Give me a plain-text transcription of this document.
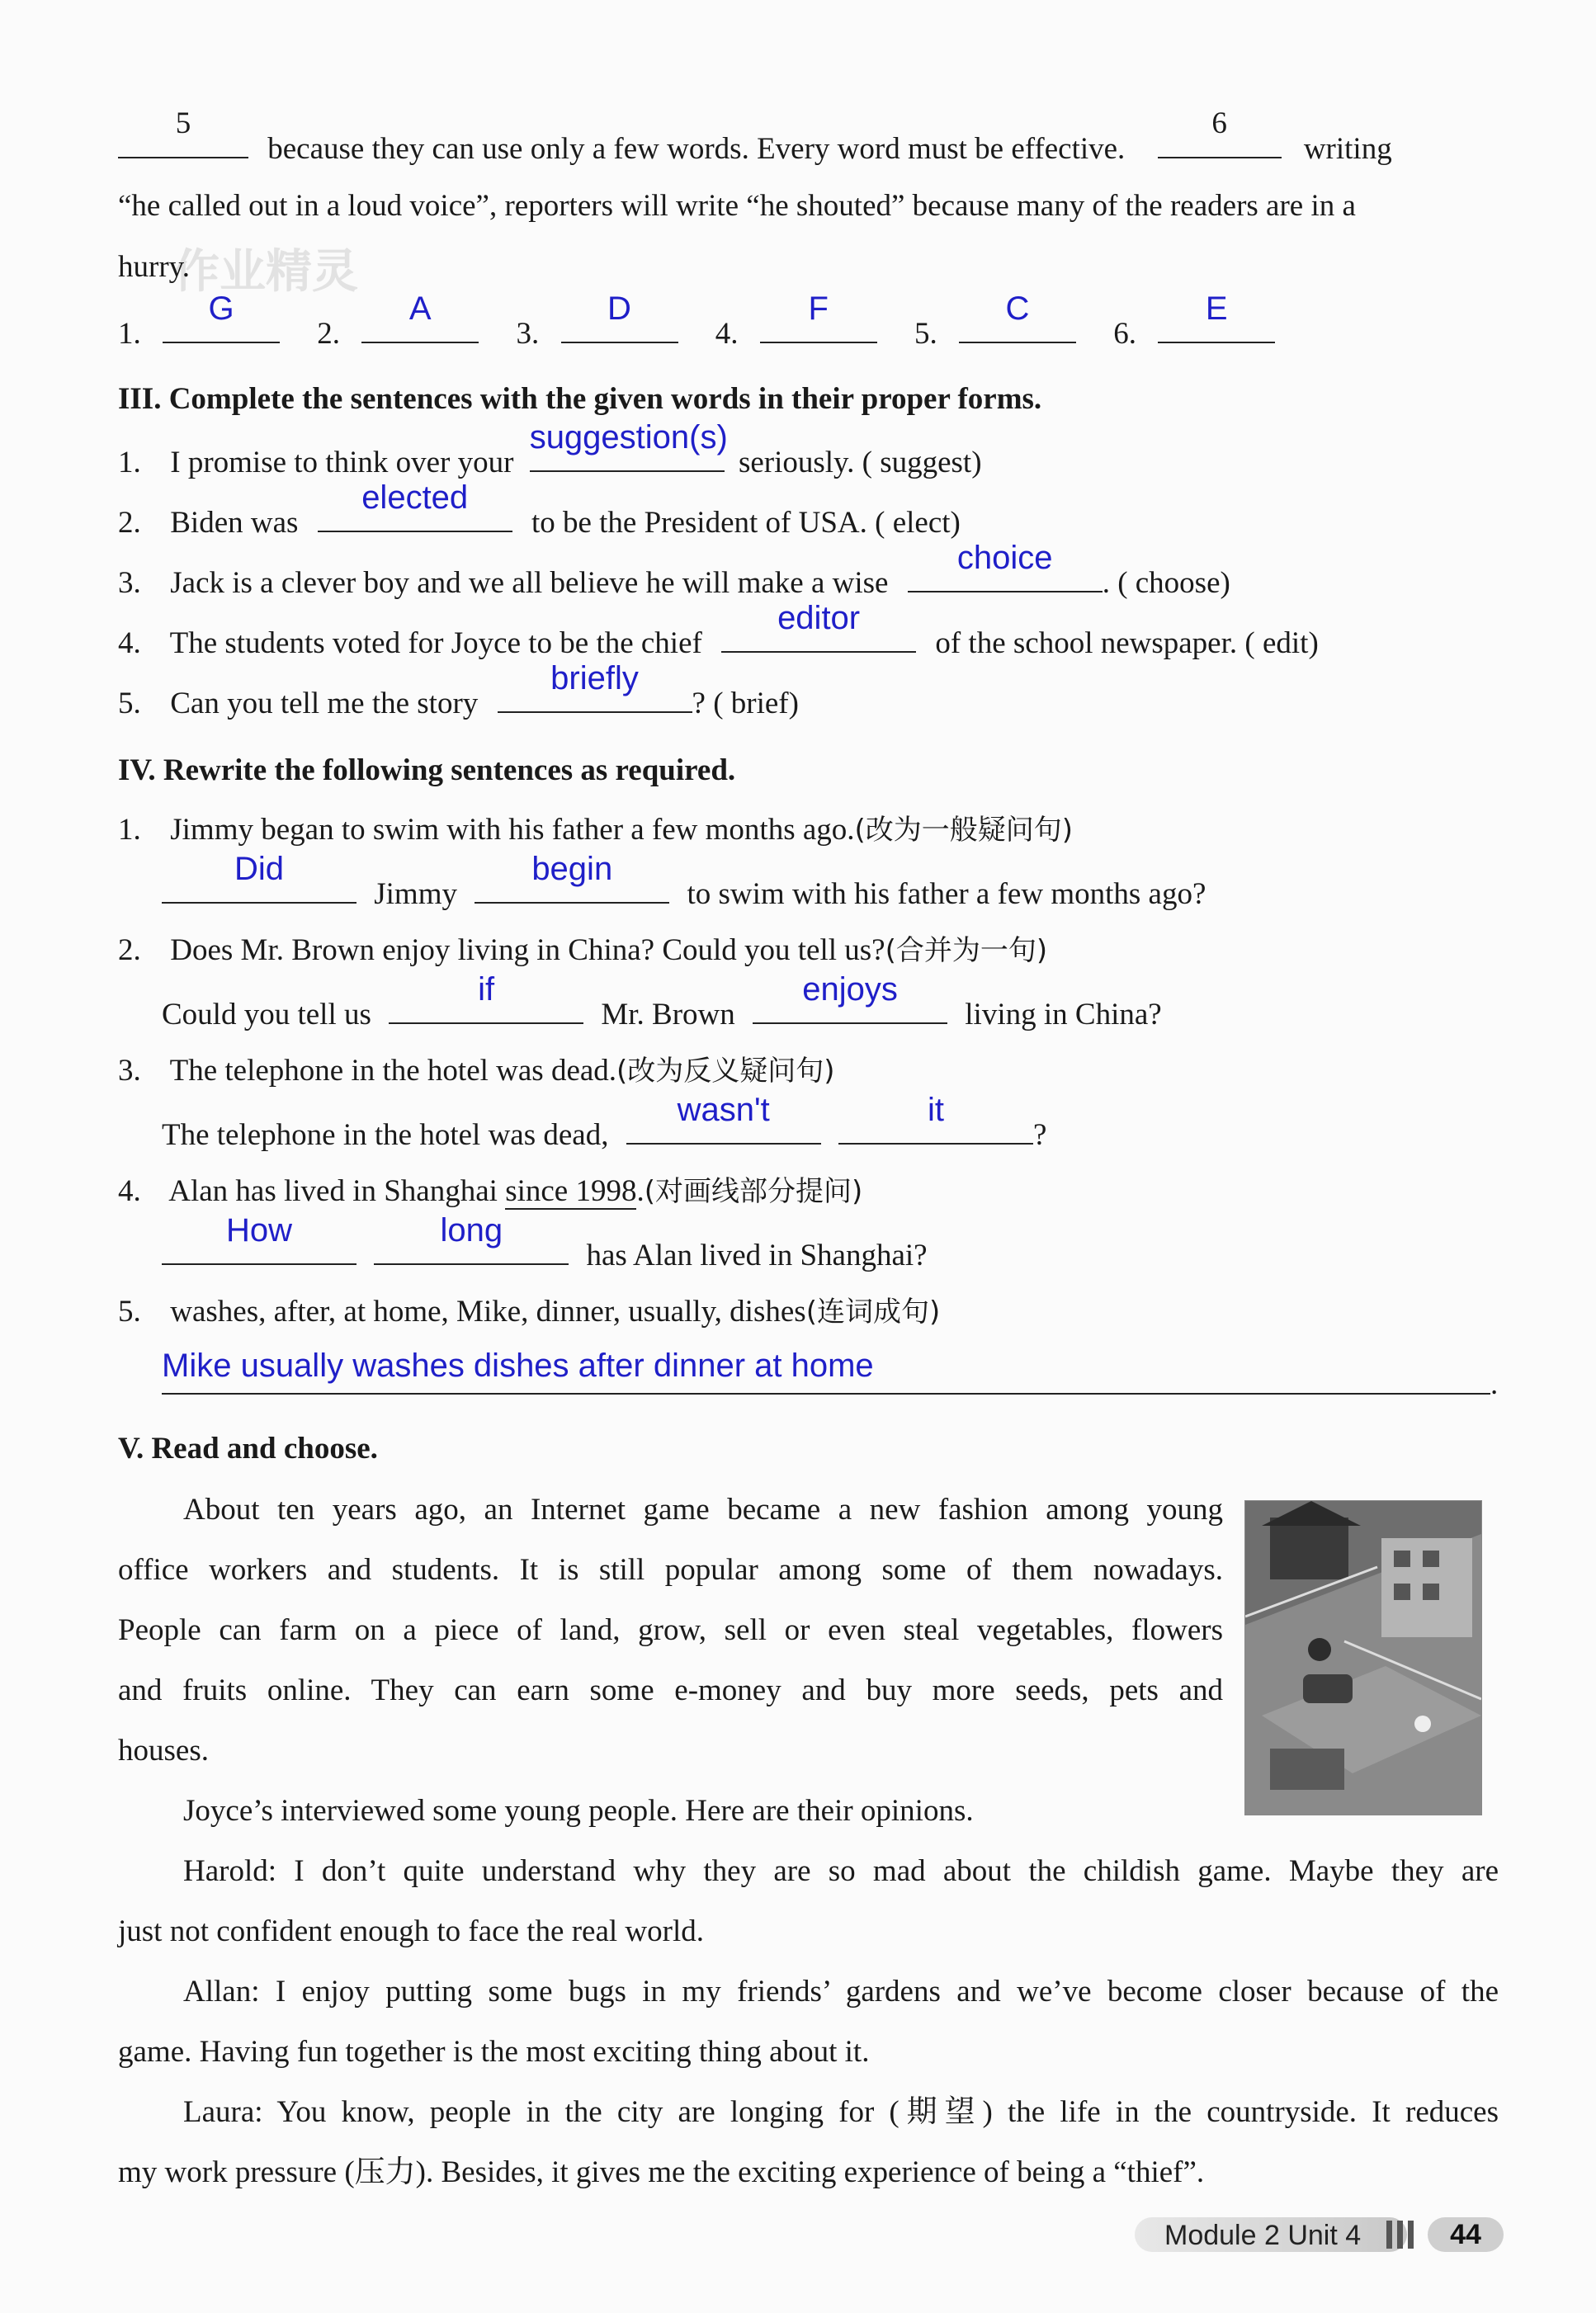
作业精灵
5
because they can use only a few words. Every word must be effective.
6
writing
“he called out in a loud voice”, reporters will write “he shouted” because many of the readers are in a
hurry.
1.
G
2.
A
3.
D
4.
F
5.
C
6.
E
III. Complete the sentences with the given words in their proper forms.
1. I promise to think over your
suggestion(s)
seriously. ( suggest)
2. Biden was
elected
to be the President of USA. ( elect)
3. Jack is a clever boy and we all believe he will make a wise
choice
. ( choose)
4. The students voted for Joyce to be the chief
editor
of the school newspaper. ( edit)
5. Can you tell me the story
briefly
? ( brief)
IV. Rewrite the following sentences as required.
1. Jimmy began to swim with his father a few months ago.(改为一般疑问句)
Did
Jimmy
begin
to swim with his father a few months ago?
2. Does Mr. Brown enjoy living in China? Could you tell us?(合并为一句)
Could you tell us
if
Mr. Brown
enjoys
living in China?
3. The telephone in the hotel was dead.(改为反义疑问句)
The telephone in the hotel was dead,
wasn't
	it
?
4. Alan has lived in Shanghai since 1998.(对画线部分提问)
How
	long
has Alan lived in Shanghai?
5. washes, after, at home, Mike, dinner, usually, dishes(连词成句)
Mike usually washes dishes after dinner at home
.
V. Read and choose.
About ten years ago, an Internet game became a new fashion among young
office workers and students. It is still popular among some of them nowadays.
People can farm on a piece of land, grow, sell or even steal vegetables, flowers
and fruits online. They can earn some e-money and buy more seeds, pets and
houses.
Joyce’s interviewed some young people. Here are their opinions.
Harold: I don’t quite understand why they are so mad about the childish game. Maybe they are
just not confident enough to face the real world.
Allan: I enjoy putting some bugs in my friends’ gardens and we’ve become closer because of the
game. Having fun together is the most exciting thing about it.
Laura: You know, people in the city are longing for (期望) the life in the countryside. It reduces
my work pressure (压力). Besides, it gives me the exciting experience of being a “thief”.
Module 2 Unit 4	44
